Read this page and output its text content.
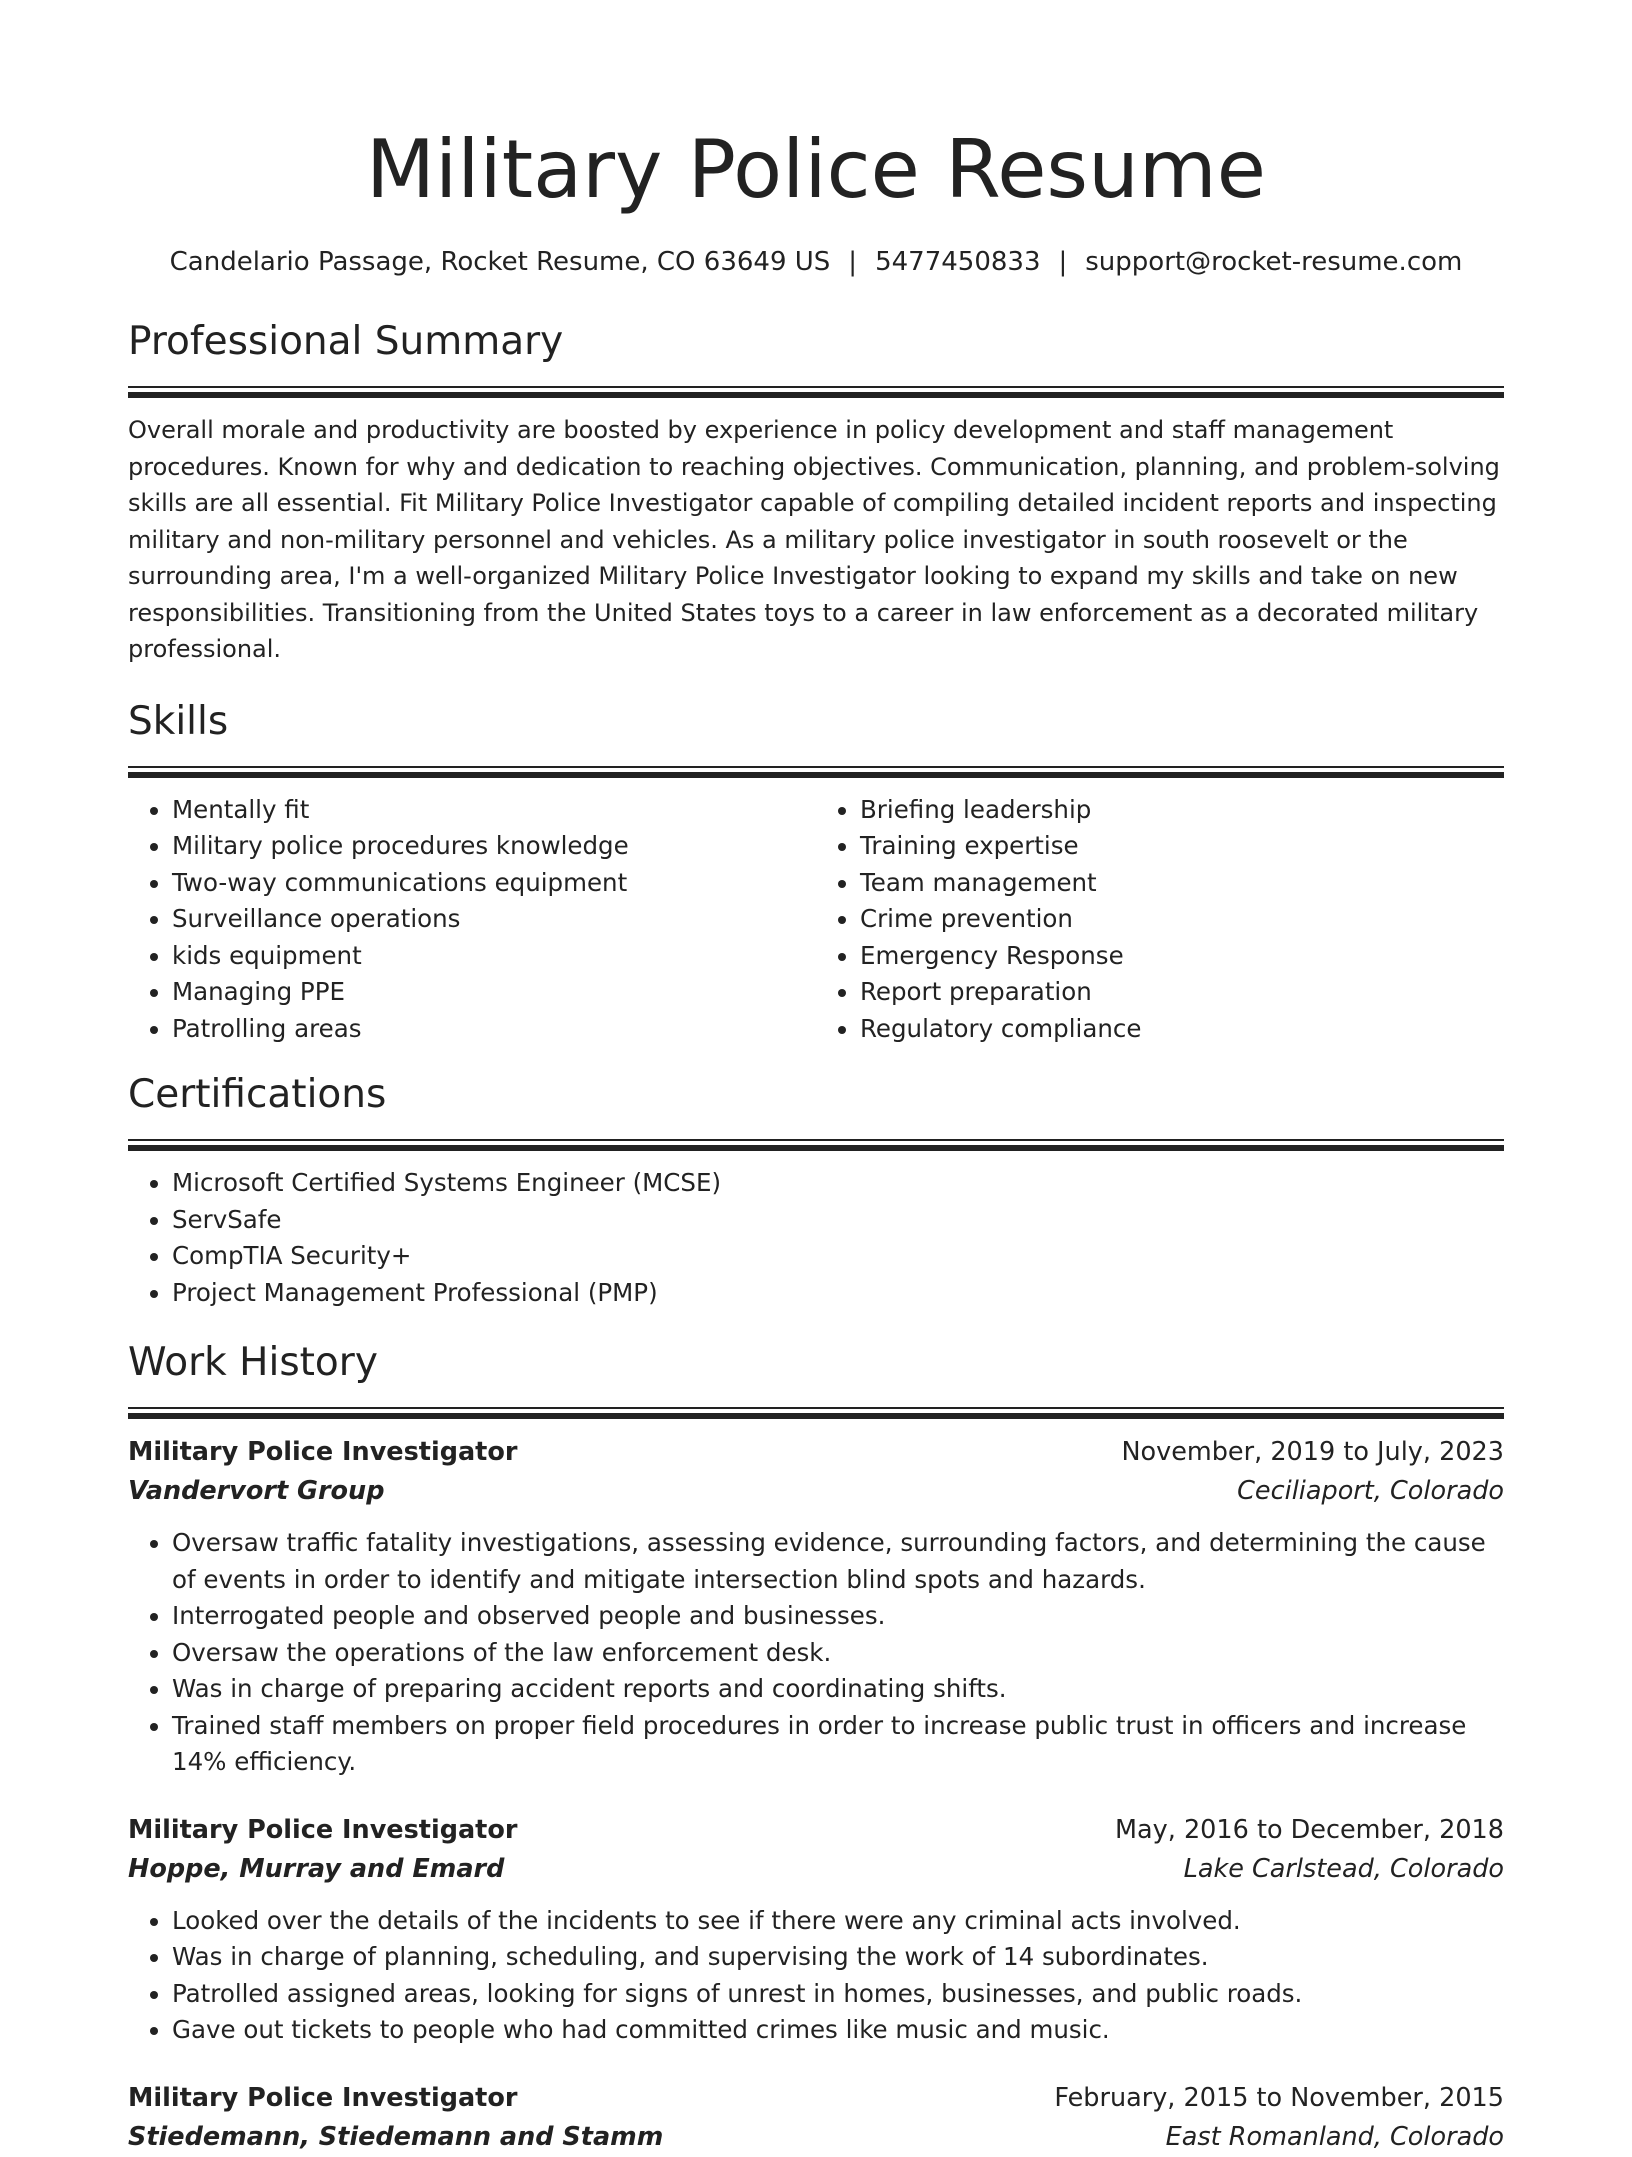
Military Police Resume
Candelario Passage, Rocket Resume, CO 63649 US | 5477450833 | support@rocket-resume.com
Professional Summary
Overall morale and productivity are boosted by experience in policy development and staff management procedures. Known for why and dedication to reaching objectives. Communication, planning, and problem-solving skills are all essential. Fit Military Police Investigator capable of compiling detailed incident reports and inspecting military and non-military personnel and vehicles. As a military police investigator in south roosevelt or the surrounding area, I'm a well-organized Military Police Investigator looking to expand my skills and take on new responsibilities. Transitioning from the United States toys to a career in law enforcement as a decorated military professional.
Skills
• Mentally fit
• Military police procedures knowledge
• Two-way communications equipment
• Surveillance operations
• kids equipment
• Managing PPE
• Patrolling areas
• Briefing leadership
• Training expertise
• Team management
• Crime prevention
• Emergency Response
• Report preparation
• Regulatory compliance
Certifications
• Microsoft Certified Systems Engineer (MCSE)
• ServSafe
• CompTIA Security+
• Project Management Professional (PMP)
Work History
Military Police Investigator	November, 2019 to July, 2023
Vandervort Group	Ceciliaport, Colorado
• Oversaw traffic fatality investigations, assessing evidence, surrounding factors, and determining the cause of events in order to identify and mitigate intersection blind spots and hazards.
• Interrogated people and observed people and businesses.
• Oversaw the operations of the law enforcement desk.
• Was in charge of preparing accident reports and coordinating shifts.
• Trained staff members on proper field procedures in order to increase public trust in officers and increase 14% efficiency.
Military Police Investigator	May, 2016 to December, 2018
Hoppe, Murray and Emard	Lake Carlstead, Colorado
• Looked over the details of the incidents to see if there were any criminal acts involved.
• Was in charge of planning, scheduling, and supervising the work of 14 subordinates.
• Patrolled assigned areas, looking for signs of unrest in homes, businesses, and public roads.
• Gave out tickets to people who had committed crimes like music and music.
Military Police Investigator	February, 2015 to November, 2015
Stiedemann, Stiedemann and Stamm	East Romanland, Colorado
